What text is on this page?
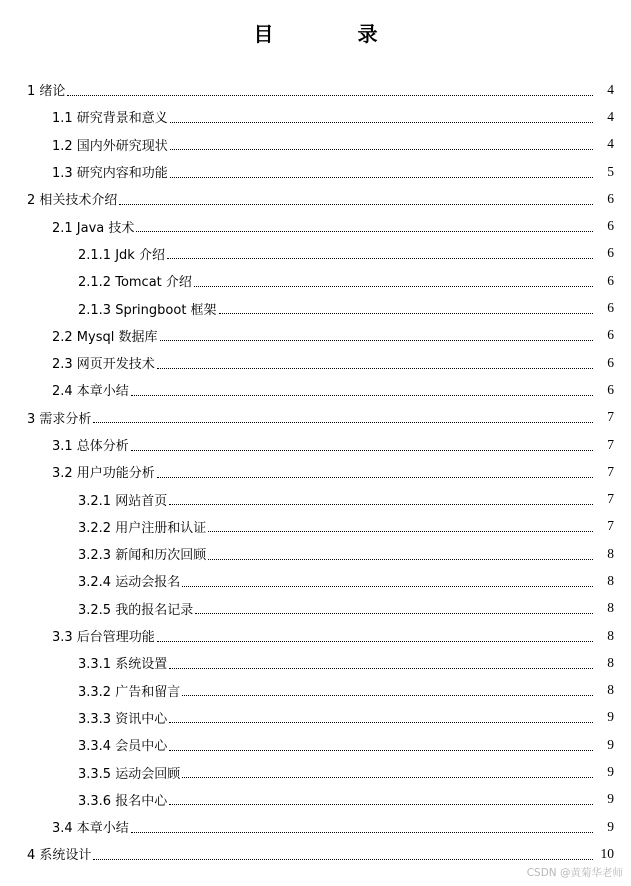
目　录
1 绪论	4
1.1 研究背景和意义	4
1.2 国内外研究现状	4
1.3 研究内容和功能	5
2 相关技术介绍	6
2.1 Java 技术	6
2.1.1 Jdk 介绍	6
2.1.2 Tomcat 介绍	6
2.1.3 Springboot 框架	6
2.2 Mysql 数据库	6
2.3 网页开发技术	6
2.4 本章小结	6
3 需求分析	7
3.1 总体分析	7
3.2 用户功能分析	7
3.2.1 网站首页	7
3.2.2 用户注册和认证	7
3.2.3 新闻和历次回顾	8
3.2.4 运动会报名	8
3.2.5 我的报名记录	8
3.3 后台管理功能	8
3.3.1 系统设置	8
3.3.2 广告和留言	8
3.3.3 资讯中心	9
3.3.4 会员中心	9
3.3.5 运动会回顾	9
3.3.6 报名中心	9
3.4 本章小结	9
4 系统设计	10
CSDN @黄菊华老师
